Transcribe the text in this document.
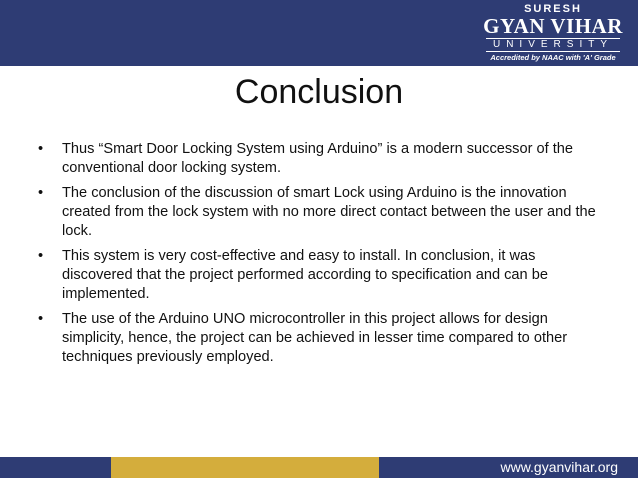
SURESH
GYAN VIHAR
UNIVERSITY
Accredited by NAAC with 'A' Grade
Conclusion
• Thus “Smart Door Locking System using Arduino” is a modern successor of the conventional door locking system.
• The conclusion of the discussion of smart Lock using Arduino is the innovation created from the lock system with no more direct contact between the user and the lock.
• This system is very cost-effective and easy to install. In conclusion, it was discovered that the project performed according to specification and can be implemented.
• The use of the Arduino UNO microcontroller in this project allows for design simplicity, hence, the project can be achieved in lesser time compared to other techniques previously employed.
www.gyanvihar.org
